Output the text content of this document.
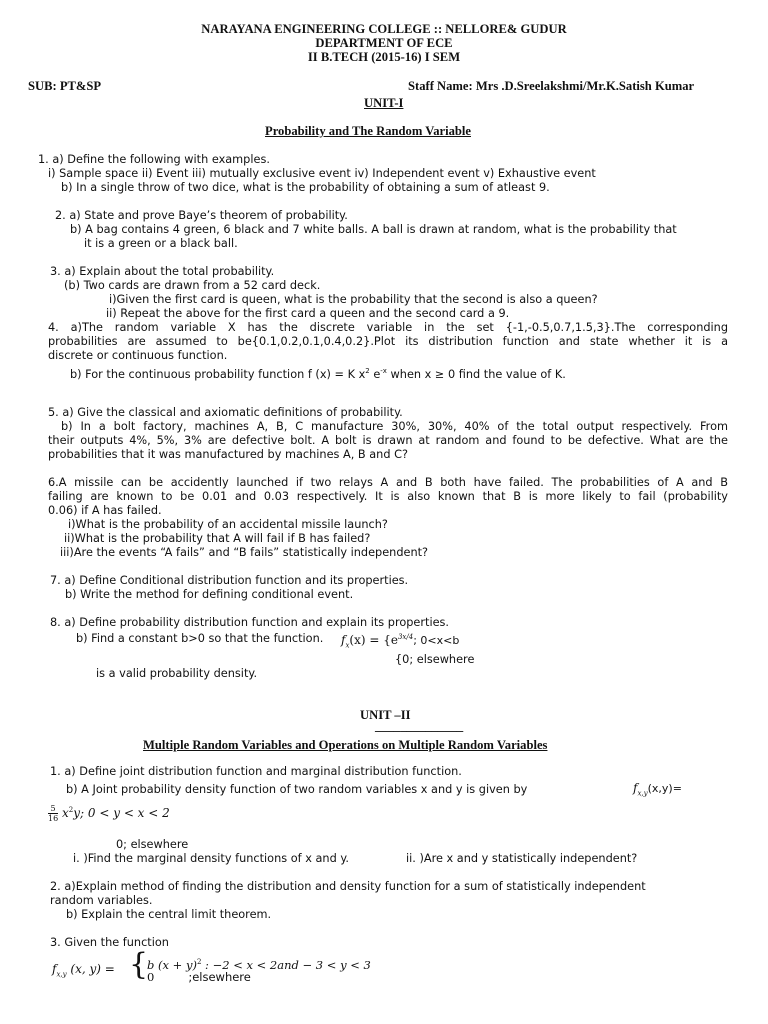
NARAYANA ENGINEERING COLLEGE :: NELLORE& GUDUR
DEPARTMENT OF ECE
II B.TECH (2015-16) I SEM
SUB: PT&SP	Staff Name: Mrs .D.Sreelakshmi/Mr.K.Satish Kumar
UNIT-I
Probability and The Random Variable
1. a) Define the following with examples.
i) Sample space ii) Event iii) mutually exclusive event iv) Independent event v) Exhaustive event
b) In a single throw of two dice, what is the probability of obtaining a sum of atleast 9.
2. a) State and prove Baye’s theorem of probability.
b) A bag contains 4 green, 6 black and 7 white balls. A ball is drawn at random, what is the probability that
it is a green or a black ball.
3. a) Explain about the total probability.
(b) Two cards are drawn from a 52 card deck.
i)Given the first card is queen, what is the probability that the second is also a queen?
ii) Repeat the above for the first card a queen and the second card a 9.
4. a)The random variable X has the discrete variable in the set {-1,-0.5,0.7,1.5,3}.The corresponding
probabilities are assumed to be{0.1,0.2,0.1,0.4,0.2}.Plot its distribution function and state whether it is a
discrete or continuous function.
b) For the continuous probability function f (x) = K $x^2$ $e^{-x}$ when x ≥ 0 find the value of K.
5. a) Give the classical and axiomatic definitions of probability.
b) In a bolt factory, machines A, B, C manufacture 30%, 30%, 40% of the total output respectively. From
their outputs 4%, 5%, 3% are defective bolt. A bolt is drawn at random and found to be defective. What are the
probabilities that it was manufactured by machines A, B and C?
6.A missile can be accidently launched if two relays A and B both have failed. The probabilities of A and B
failing are known to be 0.01 and 0.03 respectively. It is also known that B is more likely to fail (probability
0.06) if A has failed.
i)What is the probability of an accidental missile launch?
ii)What is the probability that A will fail if B has failed?
iii)Are the events “A fails” and “B fails” statistically independent?
7. a) Define Conditional distribution function and its properties.
b) Write the method for defining conditional event.
8. a) Define probability distribution function and explain its properties.
b) Find a constant b>0 so that the function. $f_x(x) = \{e^{3x/4}$; 0<x<b
{0; elsewhere
is a valid probability density.
UNIT –II
______________
Multiple Random Variables and Operations on Multiple Random Variables
1. a) Define joint distribution function and marginal distribution function.
b) A Joint probability density function of two random variables x and y is given by	$f_{x,y}(x,y)=$
$\frac{5}{16} x^2y$; 0 < y < x < 2
0; elsewhere
i. )Find the marginal density functions of x and y.	ii. )Are x and y statistically independent?
2. a)Explain method of finding the distribution and density function for a sum of statistically independent
random variables.
b) Explain the central limit theorem.
3. Given the function
$f_{x,y}$ (x, y) = {
b $(x + y)^2$ : −2 < x < 2and − 3 < y < 3
0	;elsewhere
